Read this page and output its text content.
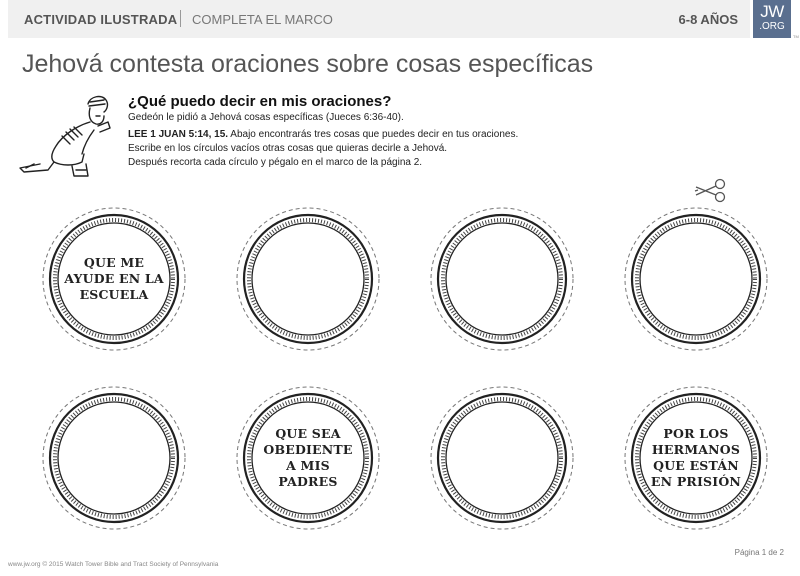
ACTIVIDAD ILUSTRADA COMPLETA EL MARCO	6-8 AÑOS	JW
.ORG
TM
Jehová contesta oraciones sobre cosas específicas
¿Qué puedo decir en mis oraciones?
Gedeón le pidió a Jehová cosas específicas (Jueces 6:36-40).
LEE 1 JUAN 5:14, 15. Abajo encontrarás tres cosas que puedes decir en tus oraciones.
Escribe en los círculos vacíos otras cosas que quieras decirle a Jehová.
Después recorta cada círculo y pégalo en el marco de la página 2.
QUE ME AYUDE EN LA ESCUELA
QUE SEA OBEDIENTE A MIS PADRES
POR LOS HERMANOS QUE ESTÁN EN PRISIÓN
www.jw.org © 2015 Watch Tower Bible and Tract Society of Pennsylvania
Página 1 de 2
